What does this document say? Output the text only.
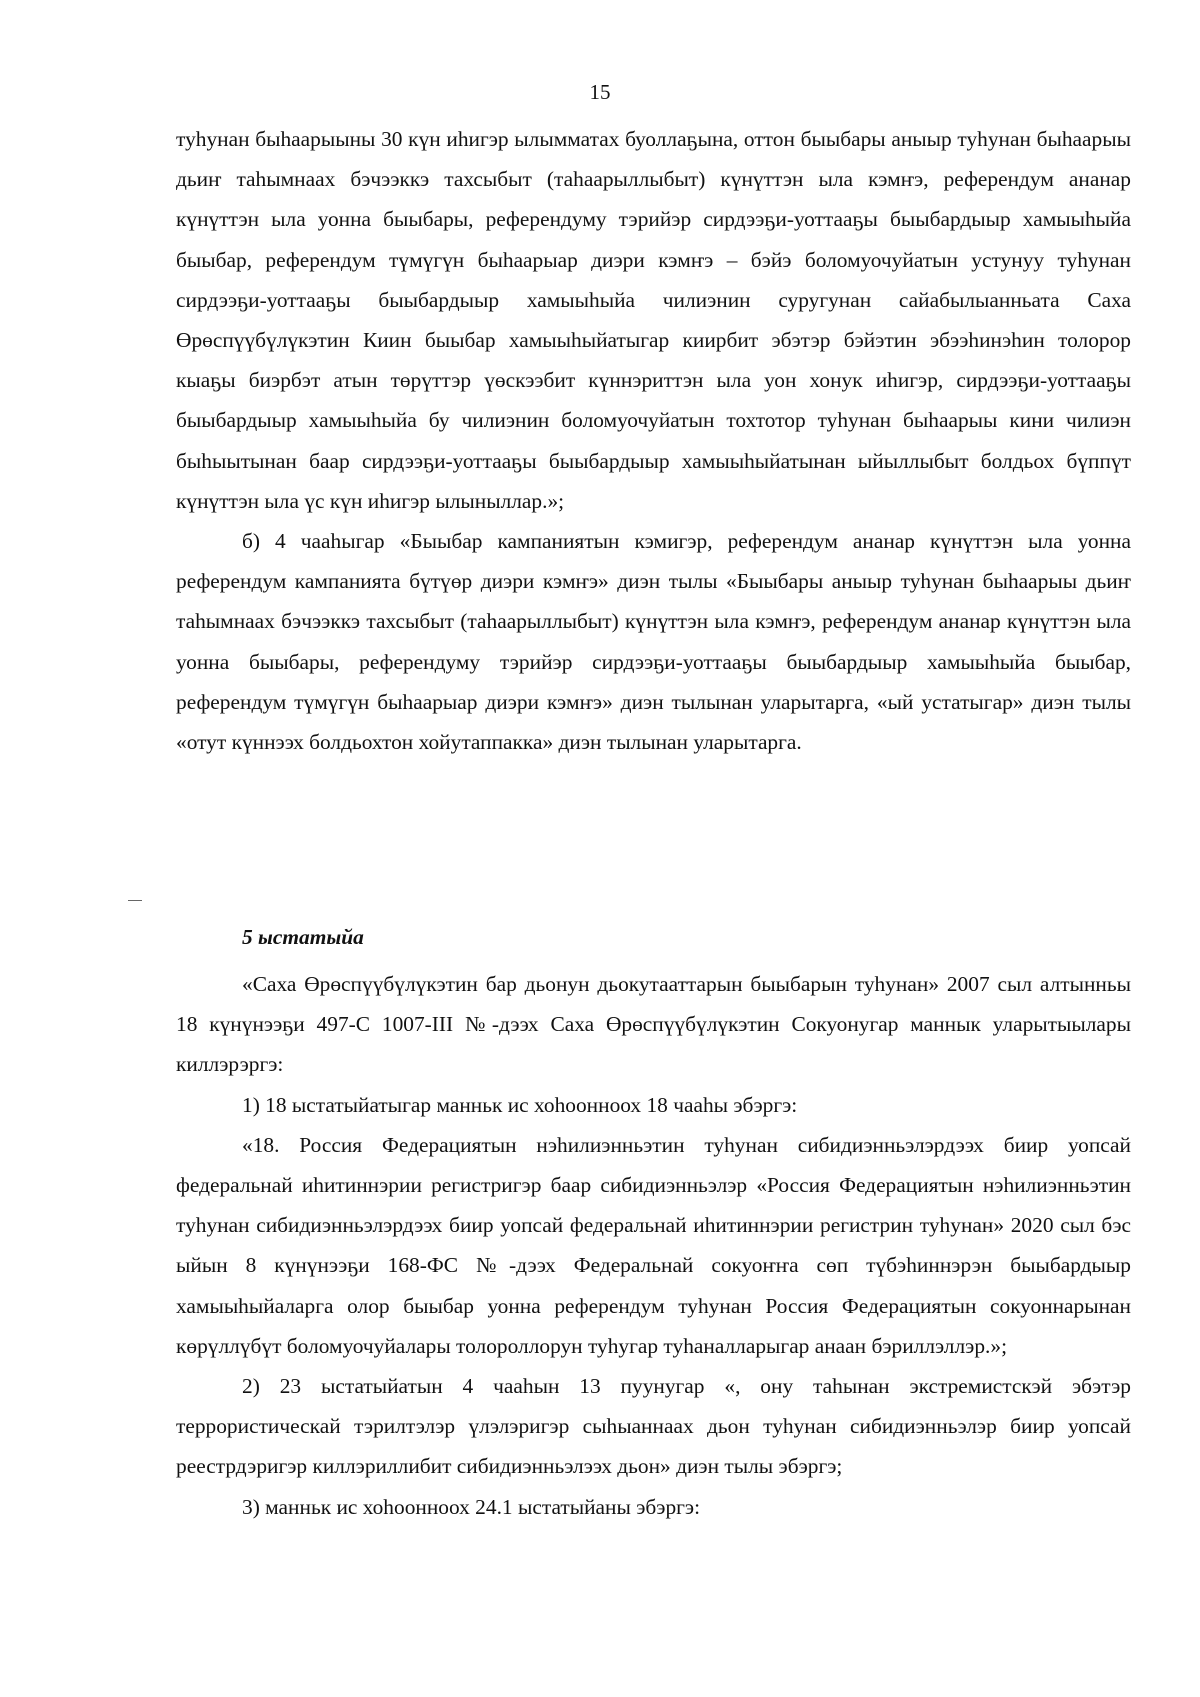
15

туһунан быһаарыыны 30 күн иһигэр ылымматах буоллаҕына, оттон быыбары аныыр туһунан быһаарыы дьиҥ таһымнаах бэчээккэ тахсыбыт (таһаарыллыбыт) күнүттэн ыла кэмҥэ, референдум ананар күнүттэн ыла уонна быыбары, референдуму тэрийэр сирдээҕи-уоттааҕы быыбардыыр хамыыһыйа быыбар, референдум түмүгүн быһаарыар диэри кэмҥэ – бэйэ боломуочуйатын устунуу туһунан сирдээҕи-уоттааҕы быыбардыыр хамыыһыйа чилиэнин суругунан сайабылыанньата Саха Өрөспүүбүлүкэтин Киин быыбар хамыыһыйатыгар киирбит эбэтэр бэйэтин эбээһинэһин толорор кыаҕы биэрбэт атын төрүттэр үөскээбит күннэриттэн ыла уон хонук иһигэр, сирдээҕи-уоттааҕы быыбардыыр хамыыһыйа бу чилиэнин боломуочуйатын тохтотор туһунан быһаарыы кини чилиэн быһыытынан баар сирдээҕи-уоттааҕы быыбардыыр хамыыһыйатынан ыйыллыбыт болдьох бүппүт күнүттэн ыла үс күн иһигэр ылыныллар.»;

б) 4 чааһыгар «Быыбар кампаниятын кэмигэр, референдум ананар күнүттэн ыла уонна референдум кампанията бүтүөр диэри кэмҥэ» диэн тылы «Быыбары аныыр туһунан быһаарыы дьиҥ таһымнаах бэчээккэ тахсыбыт (таһаарыллыбыт) күнүттэн ыла кэмҥэ, референдум ананар күнүттэн ыла уонна быыбары, референдуму тэрийэр сирдээҕи-уоттааҕы быыбардыыр хамыыһыйа быыбар, референдум түмүгүн быһаарыар диэри кэмҥэ» диэн тылынан уларытарга, «ый устатыгар» диэн тылы «отут күннээх болдьохтон хойутаппакка» диэн тылынан уларытарга.

5 ыстатыйа

«Саха Өрөспүүбүлүкэтин бар дьонун дьокутааттарын быыбарын туһунан» 2007 сыл алтынньы 18 күнүнээҕи 497-С 1007-III №-дээх Саха Өрөспүүбүлүкэтин Сокуонугар маннык уларытыылары киллэрэргэ:

1) 18 ыстатыйатыгар манньк ис хоһоонноох 18 чааһы эбэргэ:

«18. Россия Федерациятын нэһилиэнньэтин туһунан сибидиэнньэлэрдээх биир уопсай федеральнай иһитиннэрии регистригэр баар сибидиэнньэлэр «Россия Федерациятын нэһилиэнньэтин туһунан сибидиэнньэлэрдээх биир уопсай федеральнай иһитиннэрии регистрин туһунан» 2020 сыл бэс ыйын 8 күнүнээҕи 168-ФС №-дээх Федеральнай сокуоҥҥа сөп түбэһиннэрэн быыбардыыр хамыыһыйаларга олор быыбар уонна референдум туһунан Россия Федерациятын сокуоннарынан көрүллүбүт боломуочуйалары толороллорун туһугар туһаналларыгар анаан бэриллэллэр.»;

2) 23 ыстатыйатын 4 чааһын 13 пуунугар «, ону таһынан экстремистскэй эбэтэр террористическай тэрилтэлэр үлэлэригэр сыһыаннаах дьон туһунан сибидиэнньэлэр биир уопсай реестрдэригэр киллэриллибит сибидиэнньэлээх дьон» диэн тылы эбэргэ;

3) манньк ис хоһоонноох 24.1 ыстатыйаны эбэргэ:
